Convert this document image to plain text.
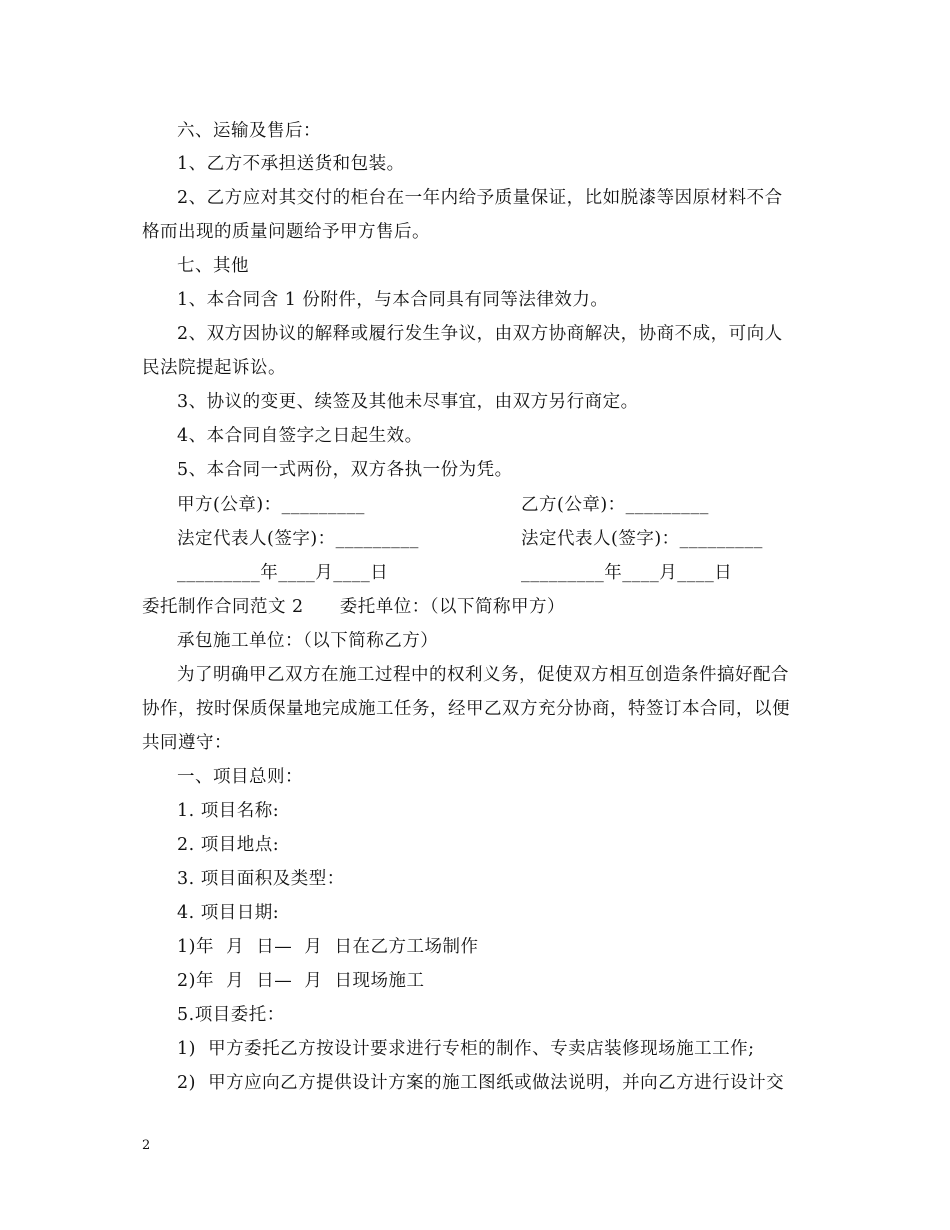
六、运输及售后：
1、乙方不承担送货和包装。
2、乙方应对其交付的柜台在一年内给予质量保证，比如脱漆等因原材料不合
格而出现的质量问题给予甲方售后。
七、其他
1、本合同含 1 份附件，与本合同具有同等法律效力。
2、双方因协议的解释或履行发生争议，由双方协商解决，协商不成，可向人
民法院提起诉讼。
3、协议的变更、续签及其他未尽事宜，由双方另行商定。
4、本合同自签字之日起生效。
5、本合同一式两份，双方各执一份为凭。
甲方(公章)：_________	乙方(公章)：_________
法定代表人(签字)：_________	法定代表人(签字)：_________
_________年____月____日	_________年____月____日
委托制作合同范文 2　　委托单位：（以下简称甲方）
承包施工单位：（以下简称乙方）
为了明确甲乙双方在施工过程中的权利义务，促使双方相互创造条件搞好配合
协作，按时保质保量地完成施工任务，经甲乙双方充分协商，特签订本合同，以便
共同遵守：
一、项目总则：
1. 项目名称:
2. 项目地点:
3. 项目面积及类型：
4. 项目日期:
1)年  月  日—  月  日在乙方工场制作
2)年  月  日—  月  日现场施工
5.项目委托：
1)  甲方委托乙方按设计要求进行专柜的制作、专卖店装修现场施工工作;
2)  甲方应向乙方提供设计方案的施工图纸或做法说明，并向乙方进行设计交
2
